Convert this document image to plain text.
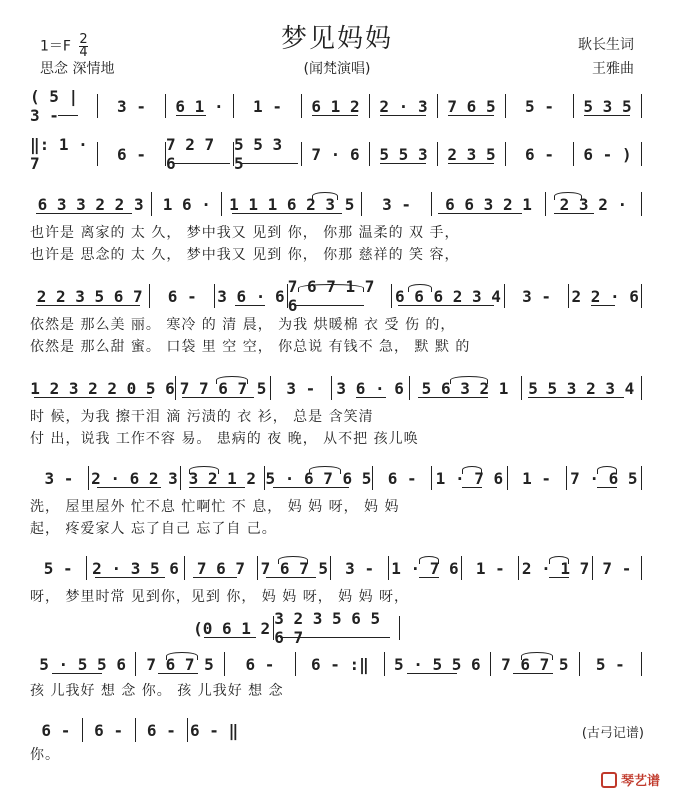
梦见妈妈
$1=F \frac{2}{4}$
思念 深情地	(闻梵演唱)
耿长生词
王雅曲
( 5 | 3 -	3 - 6 1 · 1 - 6 1 2 2 · 3 7 6 5 5 - 5 3 5
‖: 1 · 7	6 - 7 2 7 6
5 5 3 5	7 · 6 5 5 3 2 3 5 6 - 6 - )
6 3 3 2 2 3 1 6 · 1 1 1 6 2 3 5 3 - 6 6 3 2 1 2 3 2 ·
也许是 离家的 太 久， 梦中我又 见到 你， 你那 温柔的 双 手，
也许是 思念的 太 久， 梦中我又 见到 你， 你那 慈祥的 笑 容，
2 2 3 5 6 7 6 - 3 6 · 6 7 6 7 1 7 6	6 6 6 2 3 4 3 - 2 2 · 6
依然是 那么美 丽。 寒冷 的 清 晨， 为我 烘暖棉 衣 受 伤 的，
依然是 那么甜 蜜。 口袋 里 空 空， 你总说 有钱不 急， 默 默 的
1 2 3 2 2 0 5 6 7 7 6 7 5 3 - 3 6 · 6 5 6 3 2 1 5 5 3 2 3 4
时 候，为我 擦干泪 滴 污渍的 衣 衫， 总是 含笑清
付 出，说我 工作不容 易。 患病的 夜 晚， 从不把 孩儿唤
3 - 2 · 6 2 3 3 2 1 2 5 · 6 7 6 5 6 - 1 · 7 6 1 - 7 · 6 5
洗， 屋里屋外 忙不息 忙啊忙 不 息， 妈 妈 呀， 妈 妈
起， 疼爱家人 忘了自己 忘了自 己。
5 - 2 · 3 5 6 7 6 7 7 6 7 5 3 - 1 · 7 6 1 - 2 · 1 7 7 -
呀， 梦里时常 见到你，见到 你， 妈 妈 呀， 妈 妈 呀，
(0 6 1 2 3 2 3 5 6 5 6 7
5 · 5 5 6 7 6 7 5 6 - 6 - :‖ 5 · 5 5 6 7 6 7 5 5 -
孩 儿我好 想 念 你。 孩 儿我好 想 念
6 - 6 - 6 - 6 - ‖
你。
(古弓记谱)
琴艺谱
